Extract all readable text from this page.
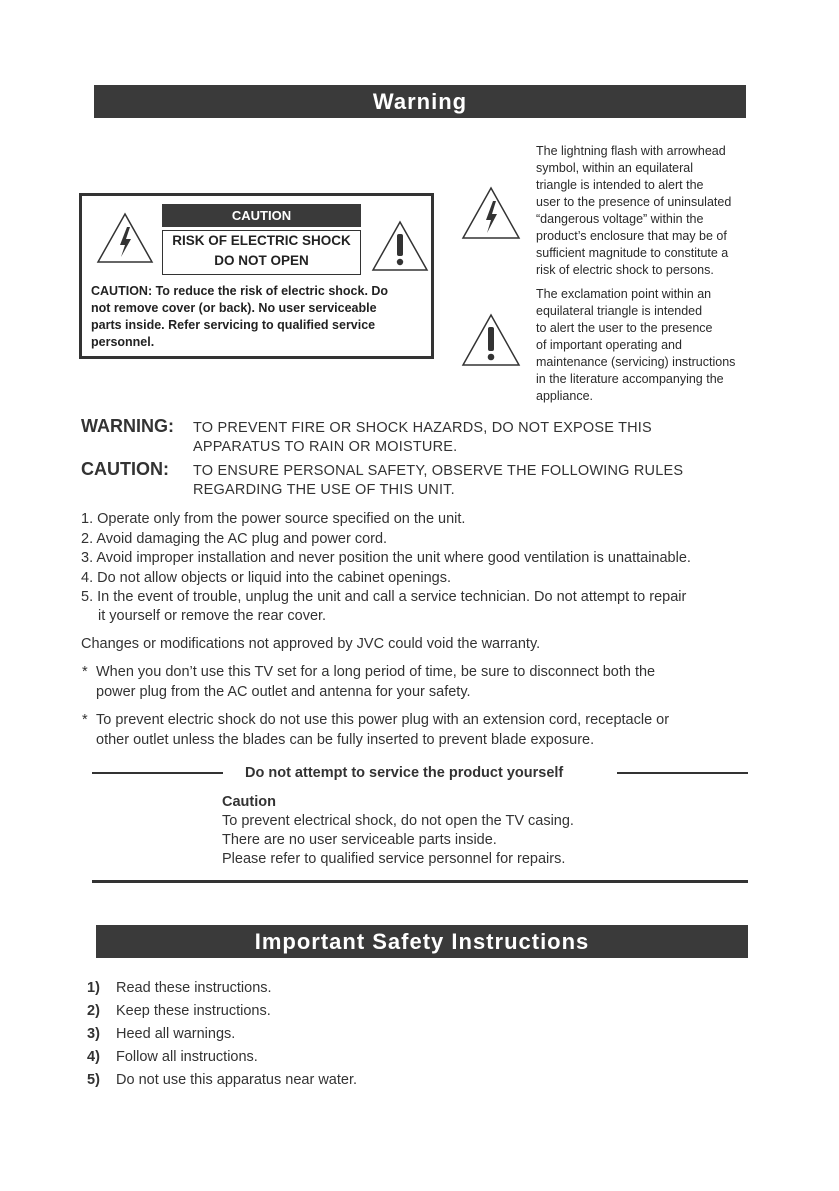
Warning
CAUTION
RISK OF ELECTRIC SHOCK
DO NOT OPEN
CAUTION: To reduce the risk of electric shock. Do
not remove cover (or back). No user serviceable
parts inside. Refer servicing to qualified service
personnel.
The lightning flash with arrowhead
symbol, within an equilateral
triangle is intended to alert the
user to the presence of uninsulated
“dangerous voltage” within the
product’s enclosure that may be of
sufficient magnitude to constitute a
risk of electric shock to persons.
The exclamation point within an
equilateral triangle is intended
to alert the user to the presence
of important operating and
maintenance (servicing) instructions
in the literature accompanying the
appliance.
WARNING: TO PREVENT FIRE OR SHOCK HAZARDS, DO NOT EXPOSE THIS
APPARATUS TO RAIN OR MOISTURE.
CAUTION: TO ENSURE PERSONAL SAFETY, OBSERVE THE FOLLOWING RULES
REGARDING THE USE OF THIS UNIT.
1. Operate only from the power source specified on the unit.
2. Avoid damaging the AC plug and power cord.
3. Avoid improper installation and never position the unit where good ventilation is unattainable.
4. Do not allow objects or liquid into the cabinet openings.
5. In the event of trouble, unplug the unit and call a service technician. Do not attempt to repair
it yourself or remove the rear cover.
Changes or modifications not approved by JVC could void the warranty.
* When you don’t use this TV set for a long period of time, be sure to disconnect both the
power plug from the AC outlet and antenna for your safety.
* To prevent electric shock do not use this power plug with an extension cord, receptacle or
other outlet unless the blades can be fully inserted to prevent blade exposure.
Do not attempt to service the product yourself
Caution
To prevent electrical shock, do not open the TV casing.
There are no user serviceable parts inside.
Please refer to qualified service personnel for repairs.
Important Safety Instructions
1) Read these instructions.
2) Keep these instructions.
3) Heed all warnings.
4) Follow all instructions.
5) Do not use this apparatus near water.
